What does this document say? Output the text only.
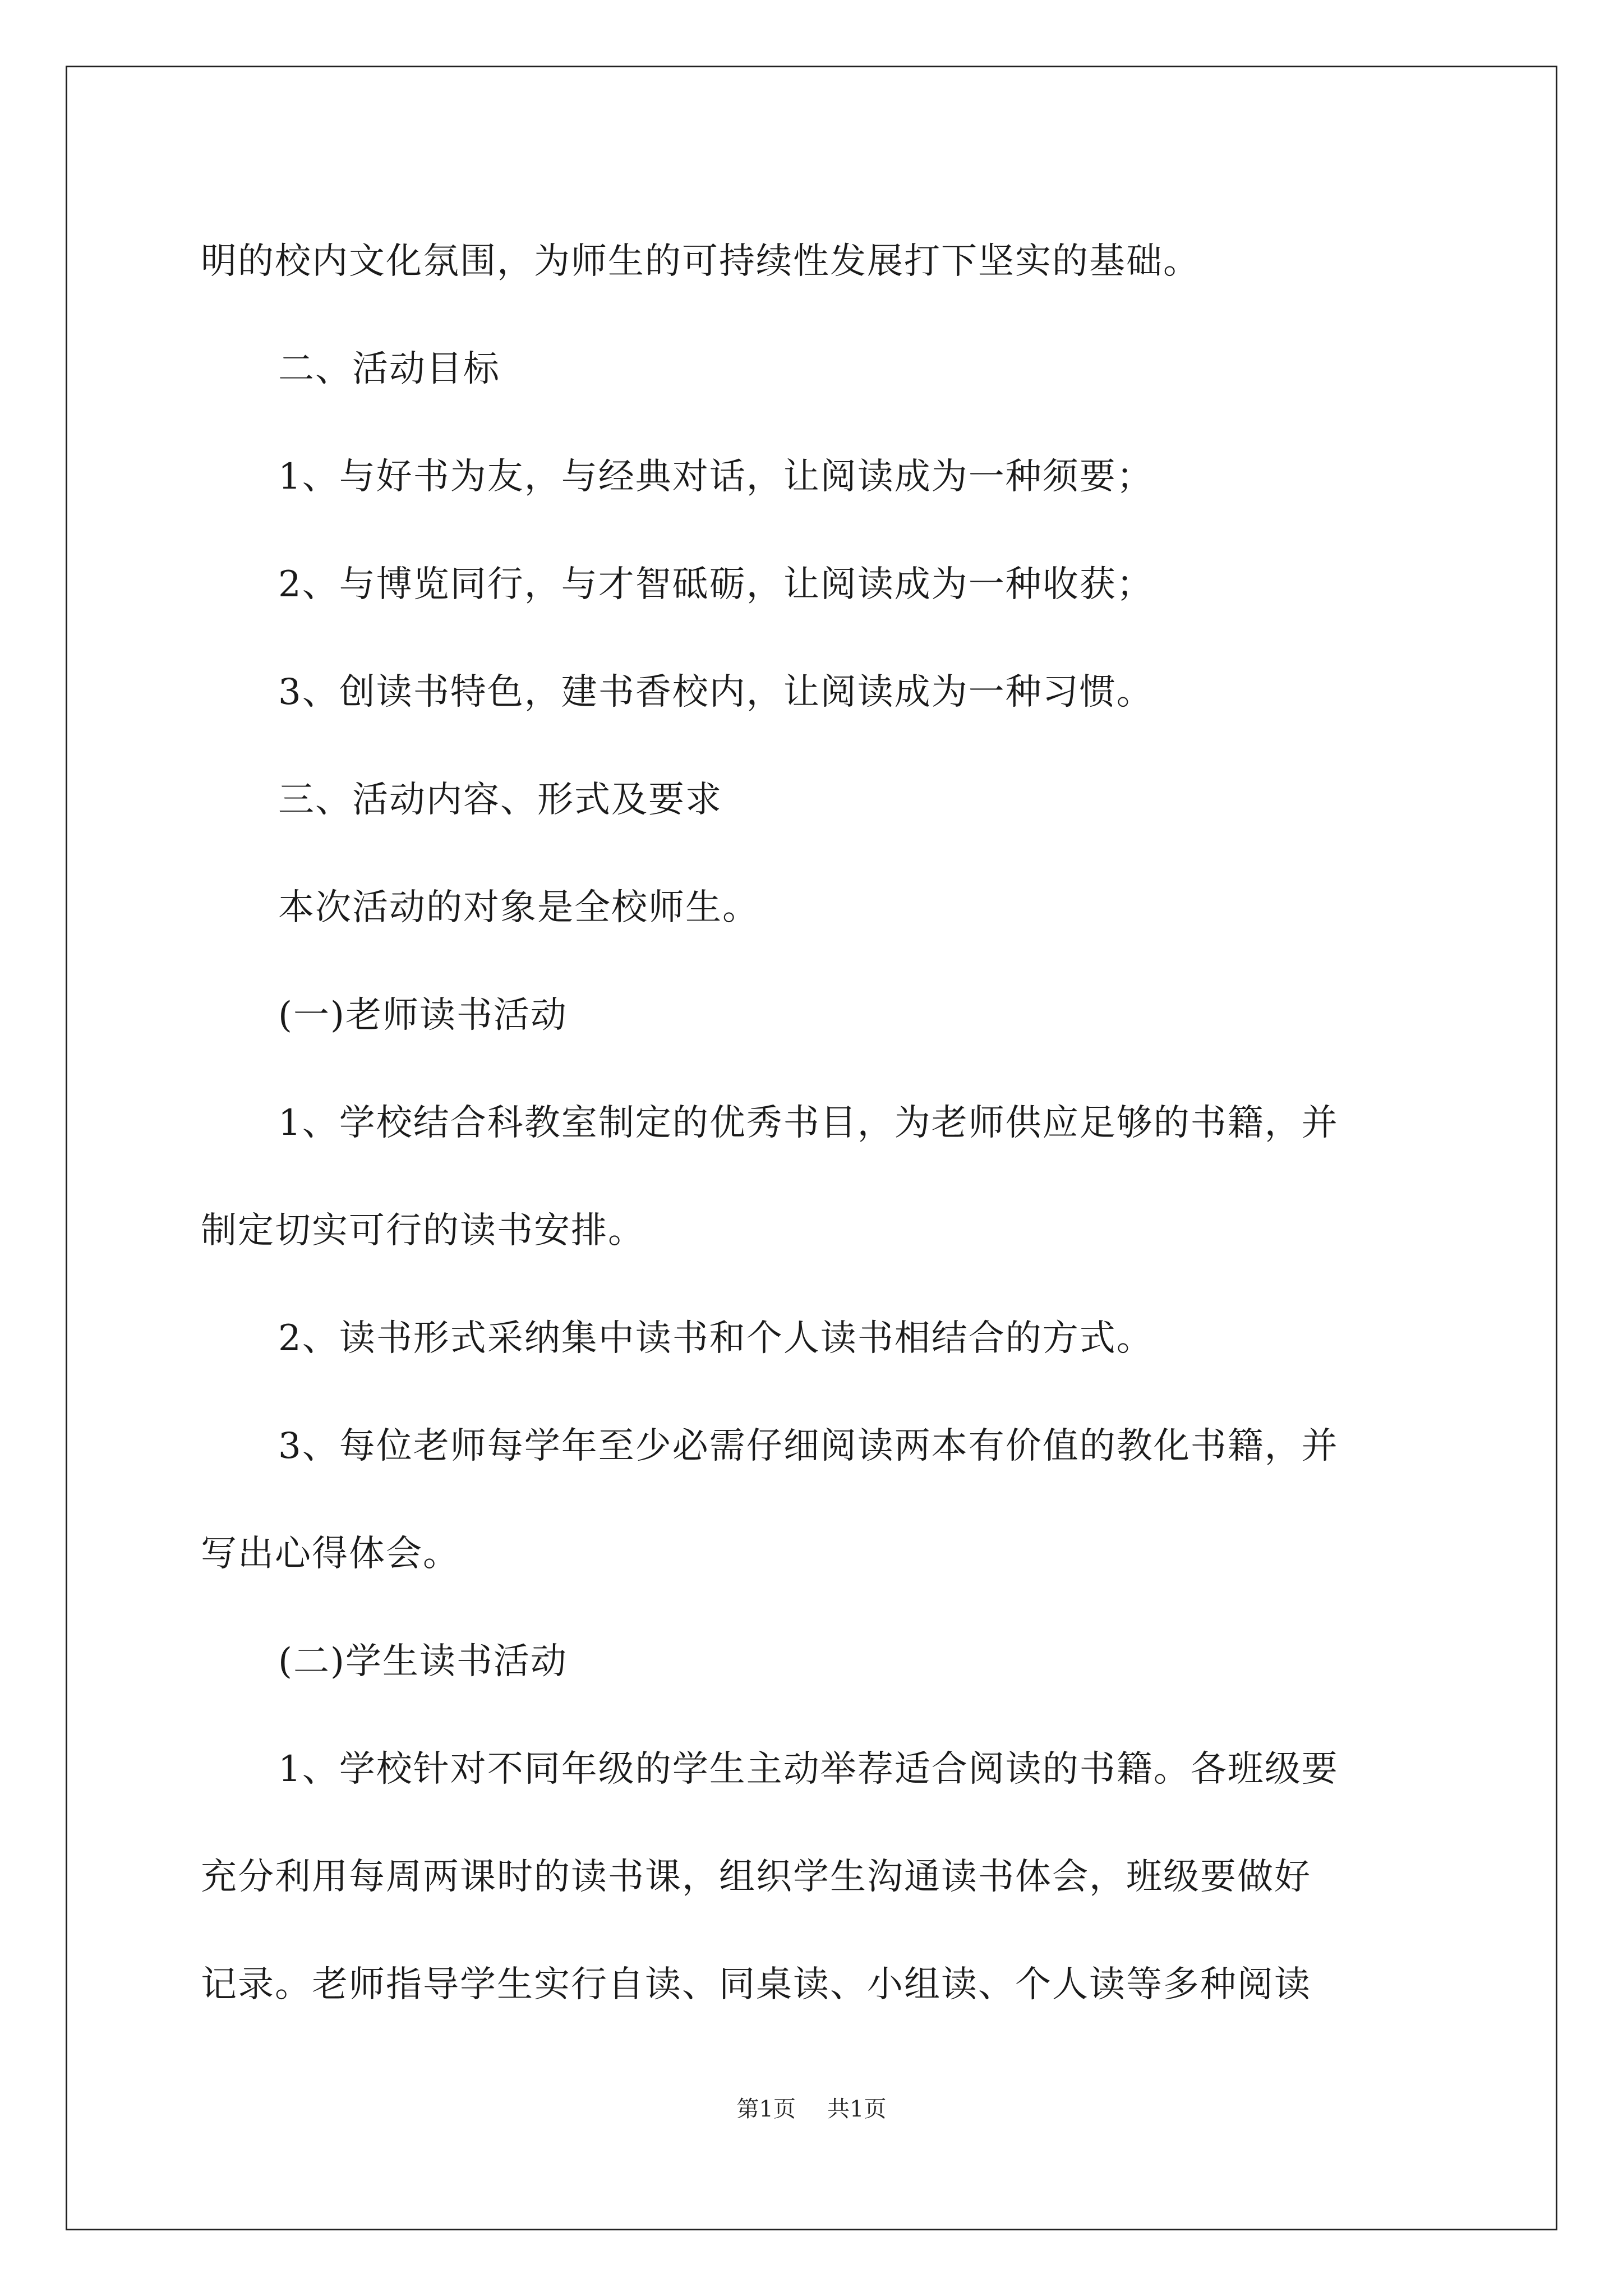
明的校内文化氛围，为师生的可持续性发展打下坚实的基础。

二、活动目标

1、与好书为友，与经典对话，让阅读成为一种须要；

2、与博览同行，与才智砥砺，让阅读成为一种收获；

3、创读书特色，建书香校内，让阅读成为一种习惯。

三、活动内容、形式及要求

本次活动的对象是全校师生。

(一)老师读书活动

1、学校结合科教室制定的优秀书目，为老师供应足够的书籍，并

制定切实可行的读书安排。

2、读书形式采纳集中读书和个人读书相结合的方式。

3、每位老师每学年至少必需仔细阅读两本有价值的教化书籍，并

写出心得体会。

(二)学生读书活动

1、学校针对不同年级的学生主动举荐适合阅读的书籍。各班级要

充分利用每周两课时的读书课，组织学生沟通读书体会，班级要做好

记录。老师指导学生实行自读、同桌读、小组读、个人读等多种阅读

第1页 共1页
